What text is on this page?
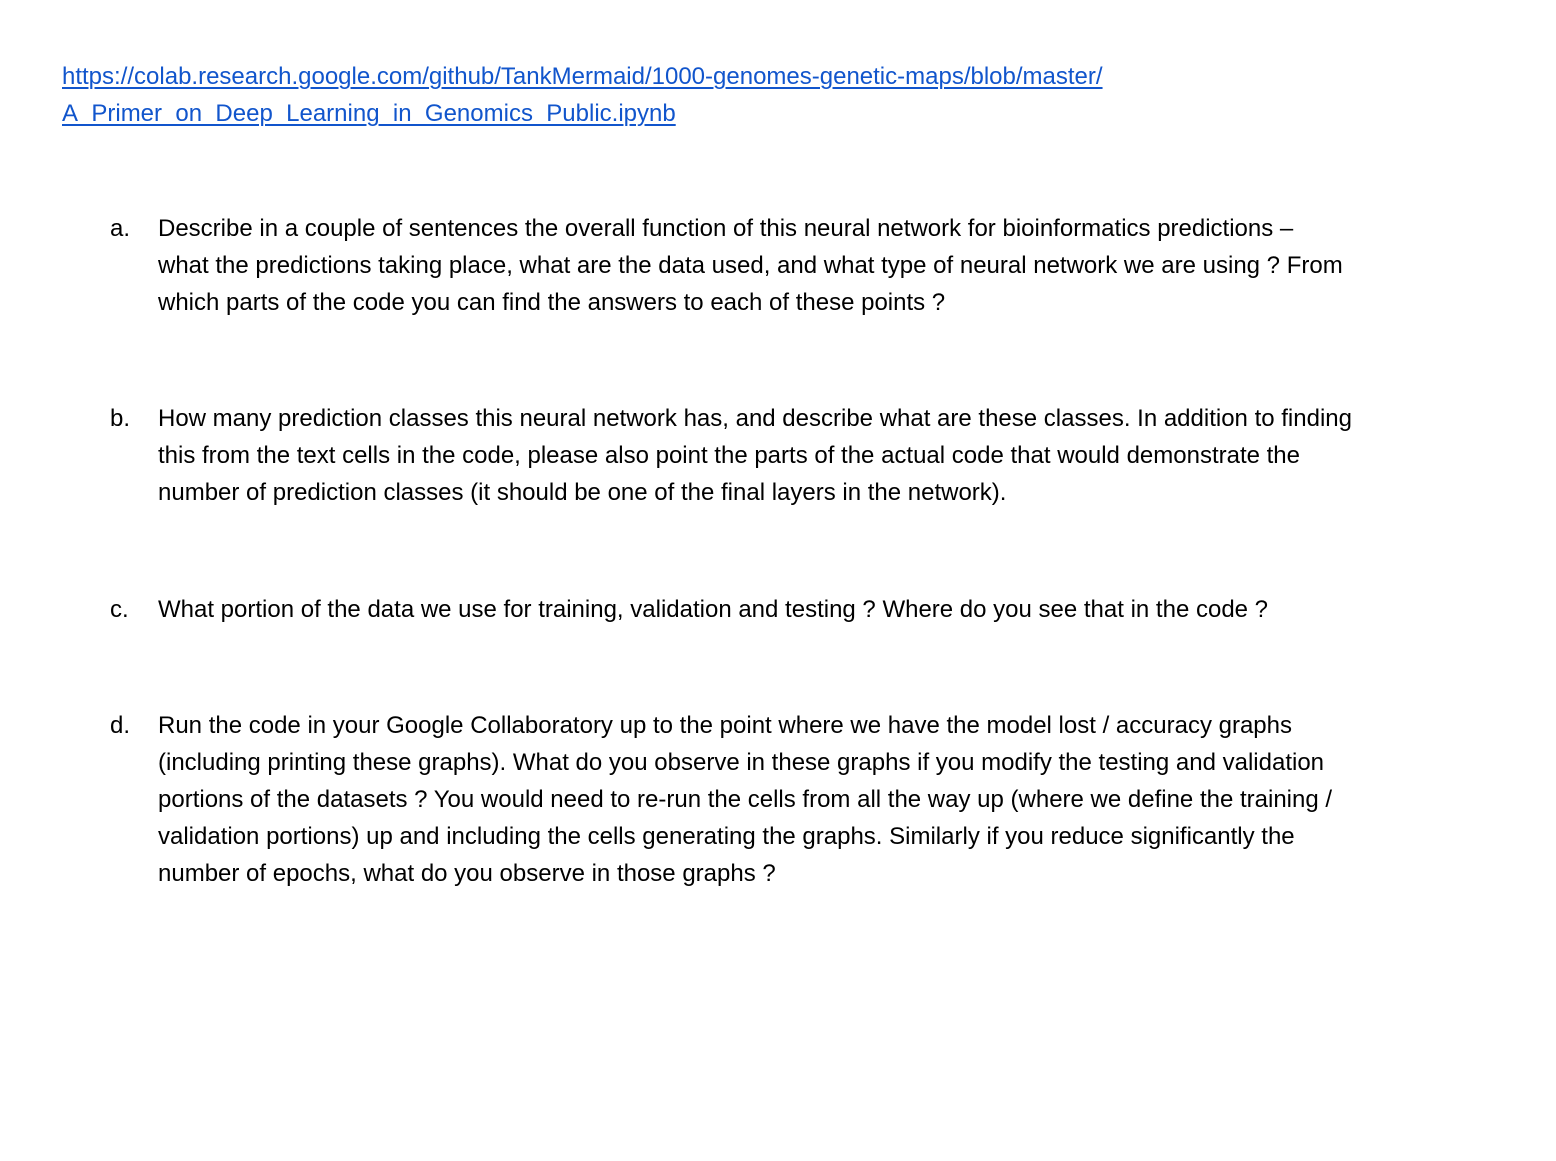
https://colab.research.google.com/github/TankMermaid/1000-genomes-genetic-maps/blob/master/
A_Primer_on_Deep_Learning_in_Genomics_Public.ipynb
a.	Describe in a couple of sentences the overall function of this neural network for bioinformatics predictions –
what the predictions taking place, what are the data used, and what type of neural network we are using ? From
which parts of the code you can find the answers to each of these points ?
b.	How many prediction classes this neural network has, and describe what are these classes. In addition to finding
this from the text cells in the code, please also point the parts of the actual code that would demonstrate the
number of prediction classes (it should be one of the final layers in the network).
c.	What portion of the data we use for training, validation and testing ? Where do you see that in the code ?
d.	Run the code in your Google Collaboratory up to the point where we have the model lost / accuracy graphs
(including printing these graphs). What do you observe in these graphs if you modify the testing and validation
portions of the datasets ? You would need to re-run the cells from all the way up (where we define the training /
validation portions) up and including the cells generating the graphs. Similarly if you reduce significantly the
number of epochs, what do you observe in those graphs ?
